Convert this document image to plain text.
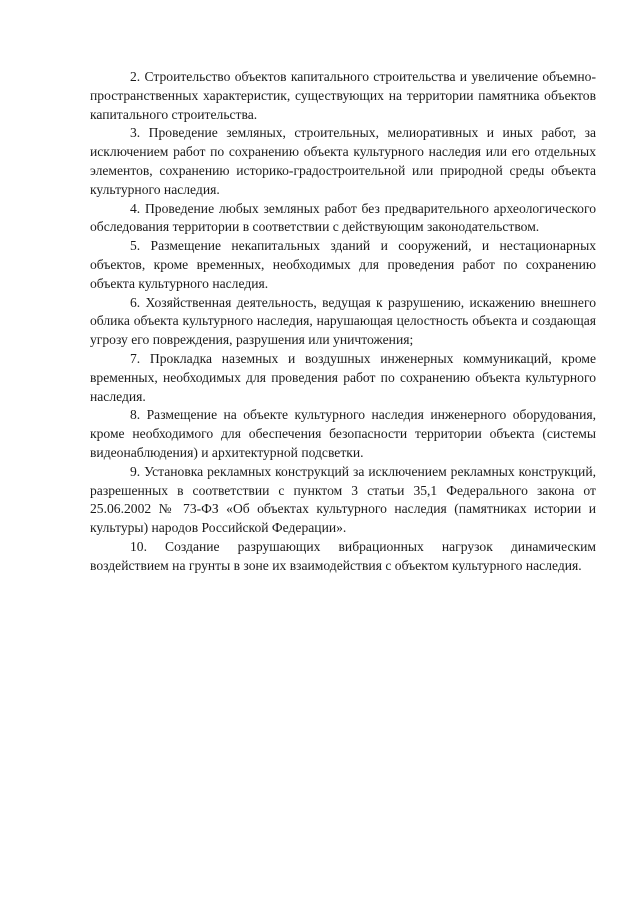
2. Строительство объектов капитального строительства и увеличение объемно-пространственных характеристик, существующих на территории памятника объектов капитального строительства.

3. Проведение земляных, строительных, мелиоративных и иных работ, за исключением работ по сохранению объекта культурного наследия или его отдельных элементов, сохранению историко-градостроительной или природной среды объекта культурного наследия.

4. Проведение любых земляных работ без предварительного археологического обследования территории в соответствии с действующим законодательством.

5. Размещение некапитальных зданий и сооружений, и нестационарных объектов, кроме временных, необходимых для проведения работ по сохранению объекта культурного наследия.

6. Хозяйственная деятельность, ведущая к разрушению, искажению внешнего облика объекта культурного наследия, нарушающая целостность объекта и создающая угрозу его повреждения, разрушения или уничтожения;

7. Прокладка наземных и воздушных инженерных коммуникаций, кроме временных, необходимых для проведения работ по сохранению объекта культурного наследия.

8. Размещение на объекте культурного наследия инженерного оборудования, кроме необходимого для обеспечения безопасности территории объекта (системы видеонаблюдения) и архитектурной подсветки.

9. Установка рекламных конструкций за исключением рекламных конструкций, разрешенных в соответствии с пунктом 3 статьи 35,1 Федерального закона от 25.06.2002 № 73-ФЗ «Об объектах культурного наследия (памятниках истории и культуры) народов Российской Федерации».

10. Создание разрушающих вибрационных нагрузок динамическим воздействием на грунты в зоне их взаимодействия с объектом культурного наследия.
